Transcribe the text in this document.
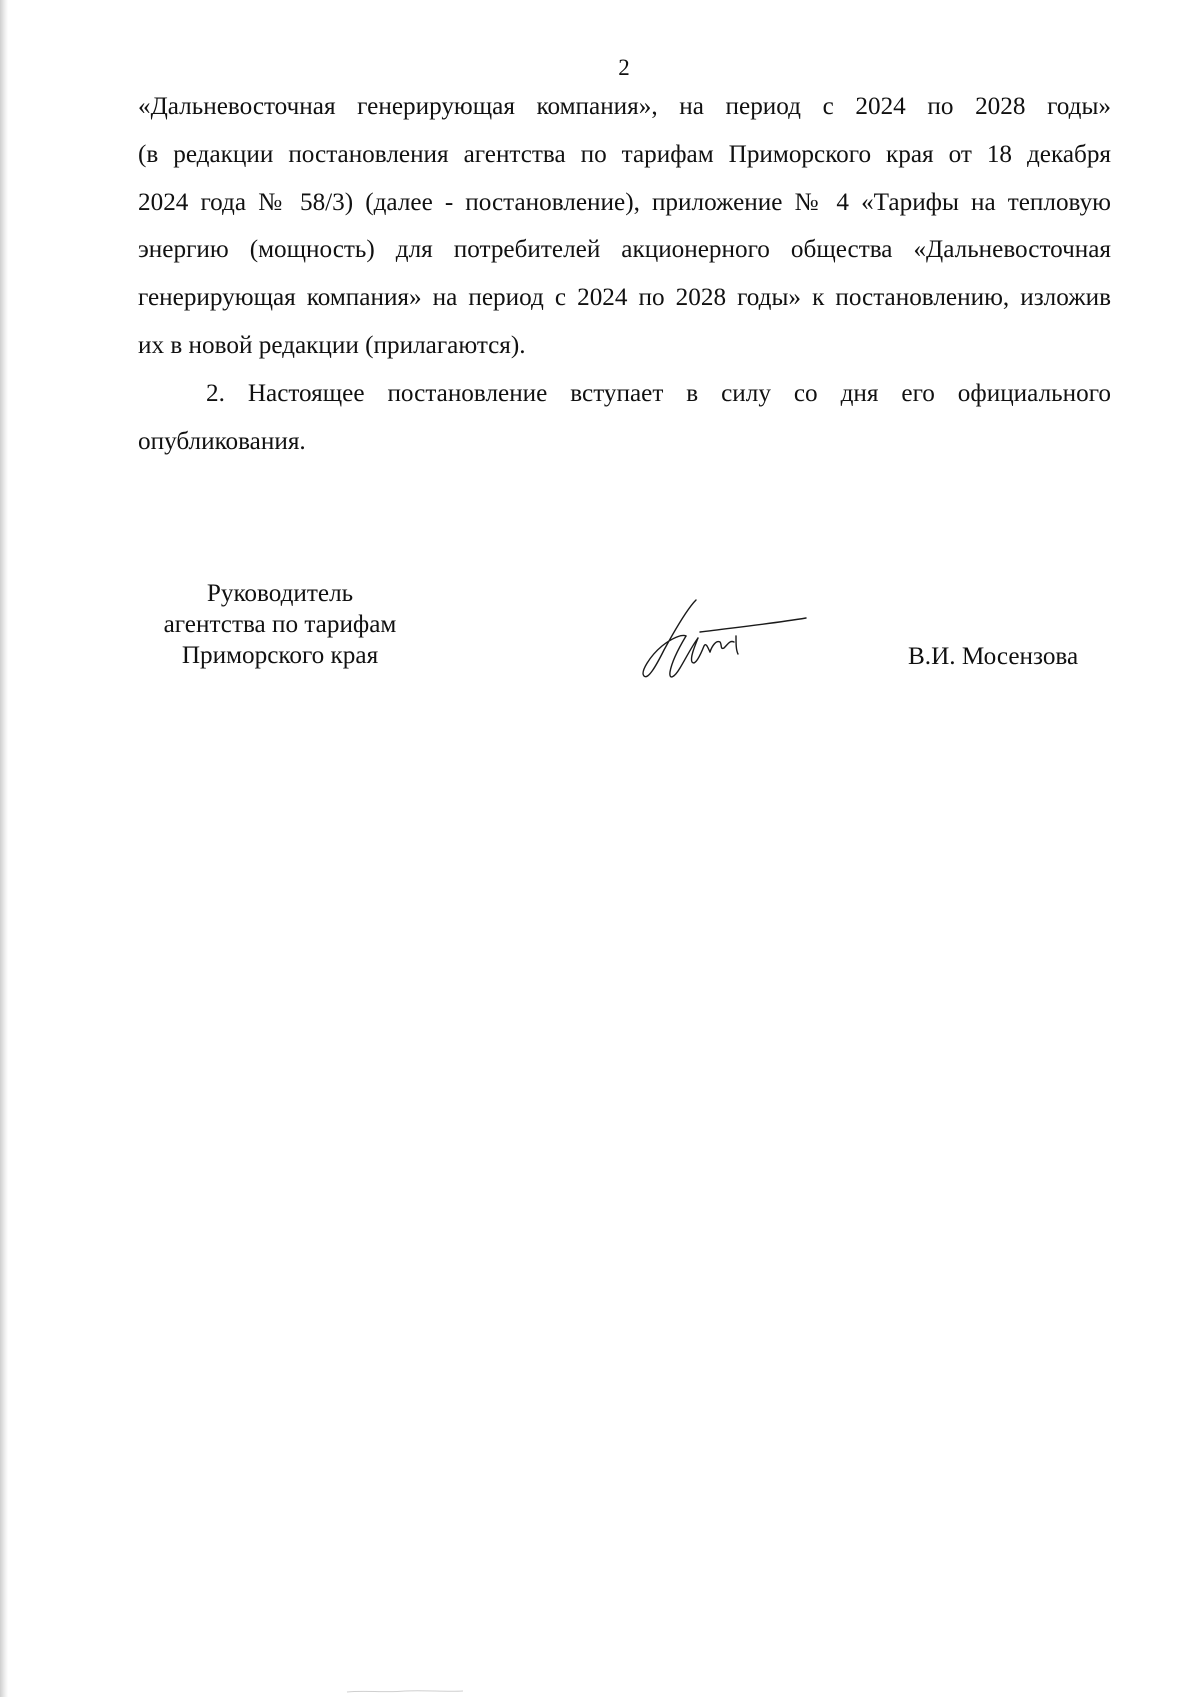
2
«Дальневосточная генерирующая компания», на период с 2024 по 2028 годы»
(в редакции постановления агентства по тарифам Приморского края от 18 декабря
2024 года № 58/3) (далее - постановление), приложение № 4 «Тарифы на тепловую
энергию (мощность) для потребителей акционерного общества «Дальневосточная
генерирующая компания» на период с 2024 по 2028 годы» к постановлению, изложив
их в новой редакции (прилагаются).
2. Настоящее постановление вступает в силу со дня его официального
опубликования.
Руководитель
агентства по тарифам
Приморского края	В.И. Мосензова
